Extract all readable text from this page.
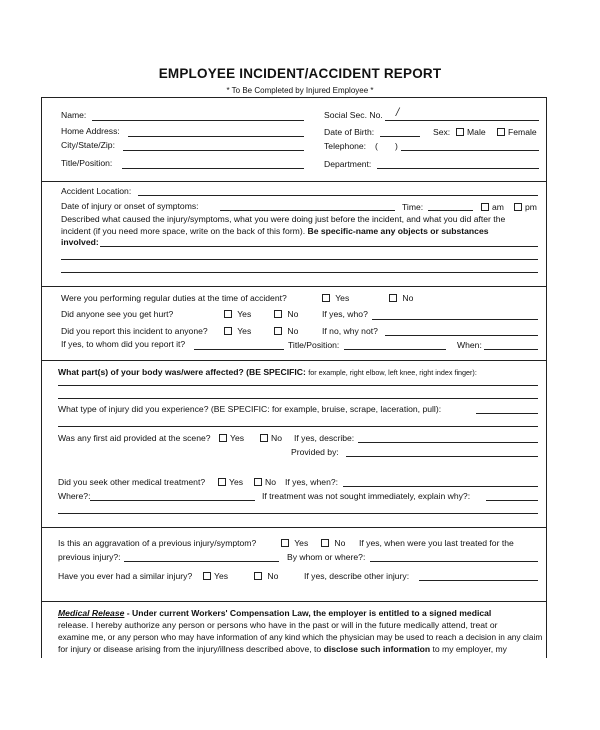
EMPLOYEE INCIDENT/ACCIDENT REPORT
* To Be Completed by Injured Employee *
Name:	Social Sec. No. /
Home Address:	Date of Birth:	Sex:	Male	Female
City/State/Zip:	Telephone: ( )
Title/Position:	Department:
Accident Location:
Date of injury or onset of symptoms:	Time:	am	pm
Described what caused the injury/symptoms, what you were doing just before the incident, and what you did after the
incident (if you need more space, write on the back of this form). Be specific-name any objects or substances
involved:
Were you performing regular duties at the time of accident?	Yes	No
Did anyone see you get hurt?	Yes	No	If yes, who?
Did you report this incident to anyone?	Yes	No	If no, why not?
If yes, to whom did you report it?	Title/Position:	When:
What part(s) of your body was/were affected? (BE SPECIFIC: for example, right elbow, left knee, right index finger):
What type of injury did you experience? (BE SPECIFIC: for example, bruise, scrape, laceration, pull):
Was any first aid provided at the scene?	Yes	No If yes, describe:
Provided by:
Did you seek other medical treatment?	Yes	No If yes, when?:
Where?:	If treatment was not sought immediately, explain why?:
Is this an aggravation of a previous injury/symptom?	Yes	No If yes, when were you last treated for the
previous injury?:	By whom or where?:
Have you ever had a similar injury?	Yes	No	If yes, describe other injury:
Medical Release - Under current Workers' Compensation Law, the employer is entitled to a signed medical
release. I hereby authorize any person or persons who have in the past or will in the future medically attend, treat or
examine me, or any person who may have information of any kind which the physician may be used to reach a decision in any claim
for injury or disease arising from the injury/illness described above, to disclose such information to my employer, my
